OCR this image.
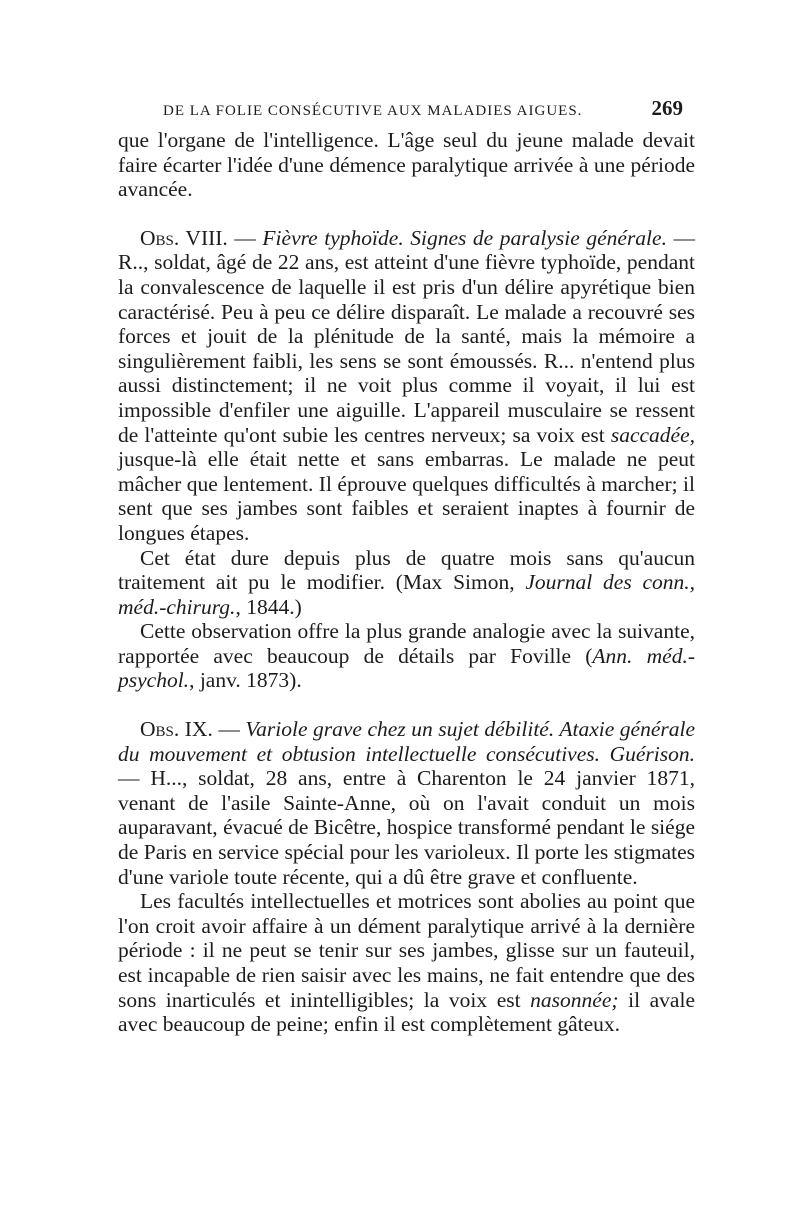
DE LA FOLIE CONSÉCUTIVE AUX MALADIES AIGUES.	269

que l'organe de l'intelligence. L'âge seul du jeune malade devait faire écarter l'idée d'une démence paralytique arrivée à une période avancée.

Obs. VIII. — Fièvre typhoïde. Signes de paralysie générale. — R.., soldat, âgé de 22 ans, est atteint d'une fièvre typhoïde, pendant la convalescence de laquelle il est pris d'un délire apyrétique bien caractérisé. Peu à peu ce délire disparaît. Le malade a recouvré ses forces et jouit de la plénitude de la santé, mais la mémoire a singulièrement faibli, les sens se sont émoussés. R... n'entend plus aussi distinctement; il ne voit plus comme il voyait, il lui est impossible d'enfiler une aiguille. L'appareil musculaire se ressent de l'atteinte qu'ont subie les centres nerveux; sa voix est saccadée, jusque-là elle était nette et sans embarras. Le malade ne peut mâcher que lentement. Il éprouve quelques difficultés à marcher; il sent que ses jambes sont faibles et seraient inaptes à fournir de longues étapes.

Cet état dure depuis plus de quatre mois sans qu'aucun traitement ait pu le modifier. (Max Simon, Journal des conn., méd.-chirurg., 1844.)

Cette observation offre la plus grande analogie avec la suivante, rapportée avec beaucoup de détails par Foville (Ann. méd.-psychol., janv. 1873).

Obs. IX. — Variole grave chez un sujet débilité. Ataxie générale du mouvement et obtusion intellectuelle consécutives. Guérison. — H..., soldat, 28 ans, entre à Charenton le 24 janvier 1871, venant de l'asile Sainte-Anne, où on l'avait conduit un mois auparavant, évacué de Bicêtre, hospice transformé pendant le siége de Paris en service spécial pour les varioleux. Il porte les stigmates d'une variole toute récente, qui a dû être grave et confluente.

Les facultés intellectuelles et motrices sont abolies au point que l'on croit avoir affaire à un dément paralytique arrivé à la dernière période : il ne peut se tenir sur ses jambes, glisse sur un fauteuil, est incapable de rien saisir avec les mains, ne fait entendre que des sons inarticulés et inintelligibles; la voix est nasonnée; il avale avec beaucoup de peine; enfin il est complètement gâteux.
